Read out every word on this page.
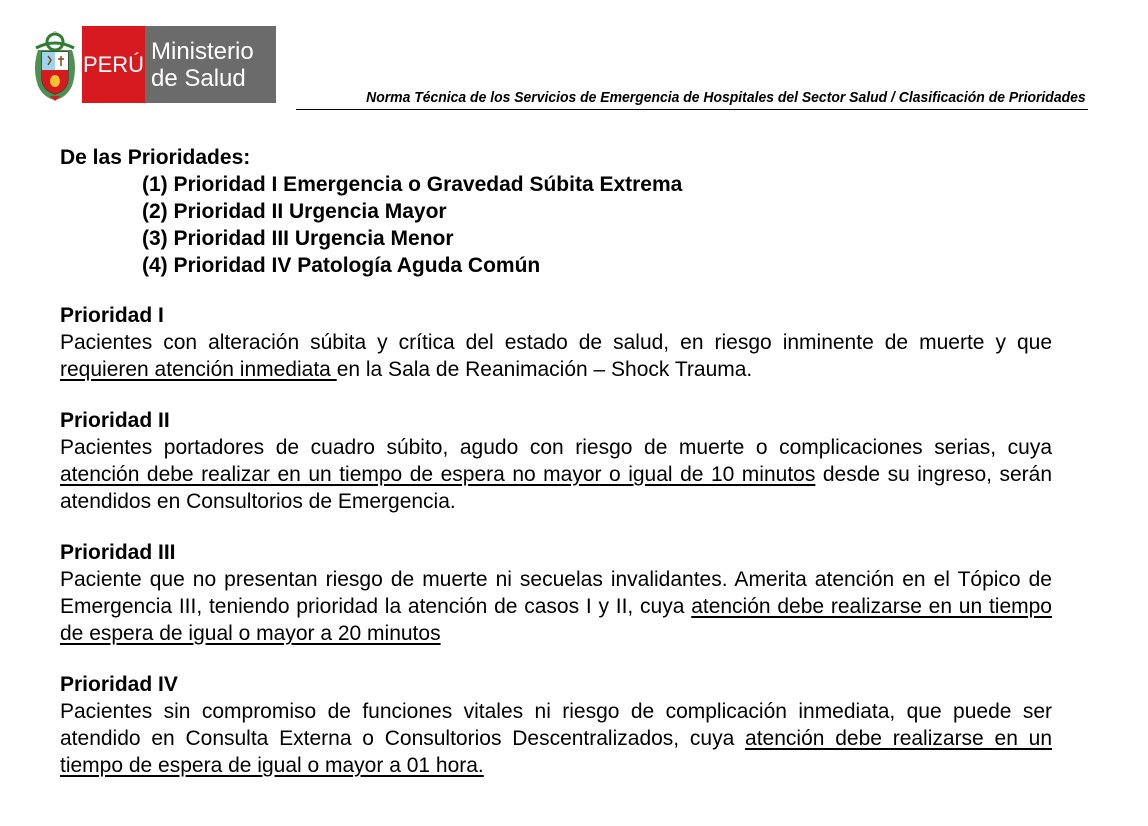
⌒
PERÚ Ministerio
de Salud
Norma Técnica de los Servicios de Emergencia de Hospitales del Sector Salud / Clasificación de Prioridades
De las Prioridades:
(1) Prioridad I Emergencia o Gravedad Súbita Extrema
(2) Prioridad II Urgencia Mayor
(3) Prioridad III Urgencia Menor
(4) Prioridad IV Patología Aguda Común
Prioridad I

Pacientes con alteración súbita y crítica del estado de salud, en riesgo inminente de muerte y que requieren atención inmediata en la Sala de Reanimación – Shock Trauma.

Prioridad II

Pacientes portadores de cuadro súbito, agudo con riesgo de muerte o complicaciones serias, cuya atención debe realizar en un tiempo de espera no mayor o igual de 10 minutos desde su ingreso, serán atendidos en Consultorios de Emergencia.

Prioridad III

Paciente que no presentan riesgo de muerte ni secuelas invalidantes. Amerita atención en el Tópico de Emergencia III, teniendo prioridad la atención de casos I y II, cuya atención debe realizarse en un tiempo de espera de igual o mayor a 20 minutos

Prioridad IV

Pacientes sin compromiso de funciones vitales ni riesgo de complicación inmediata, que puede ser atendido en Consulta Externa o Consultorios Descentralizados, cuya atención debe realizarse en un tiempo de espera de igual o mayor a 01 hora.
